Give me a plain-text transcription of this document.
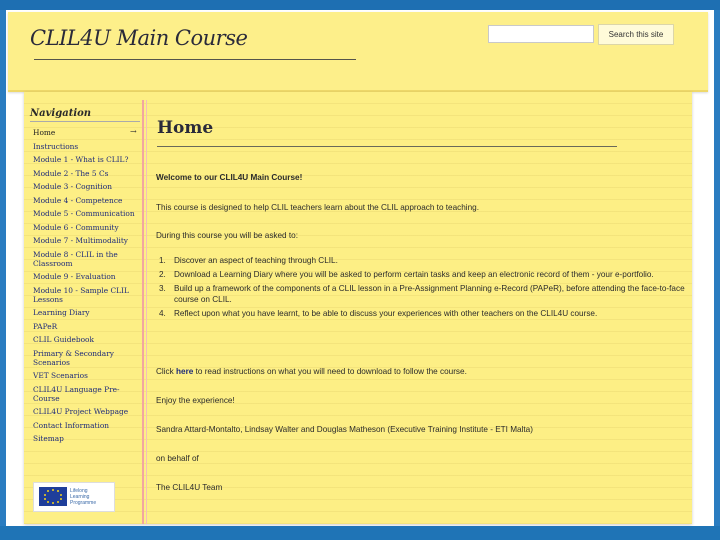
CLIL4U Main Course	Search this site
Navigation
Home	→
Instructions
Module 1 - What is CLIL?
Module 2 - The 5 Cs
Module 3 - Cognition
Module 4 - Competence
Module 5 - Communication
Module 6 - Community
Module 7 - Multimodality
Module 8 - CLIL in the Classroom
Module 9 - Evaluation
Module 10 - Sample CLIL Lessons
Learning Diary
PAPeR
CLIL Guidebook
Primary & Secondary Scenarios
VET Scenarios
CLIL4U Language Pre-Course
CLIL4U Project Webpage
Contact Information
Sitemap
Home

Welcome to our CLIL4U Main Course!

This course is designed to help CLIL teachers learn about the CLIL approach to teaching.

During this course you will be asked to:

1. Discover an aspect of teaching through CLIL.
2. Download a Learning Diary where you will be asked to perform certain tasks and keep an electronic record of them - your e-portfolio.
3. Build up a framework of the components of a CLIL lesson in a Pre-Assignment Planning e-Record (PAPeR), before attending the face-to-face course on CLIL.
4. Reflect upon what you have learnt, to be able to discuss your experiences with other teachers on the CLIL4U course.

Click here to read instructions on what you will need to download to follow the course.

Enjoy the experience!

Sandra Attard-Montalto, Lindsay Walter and Douglas Matheson (Executive Training Institute - ETI Malta)

on behalf of

The CLIL4U Team

Lifelong
Learning
Programme
